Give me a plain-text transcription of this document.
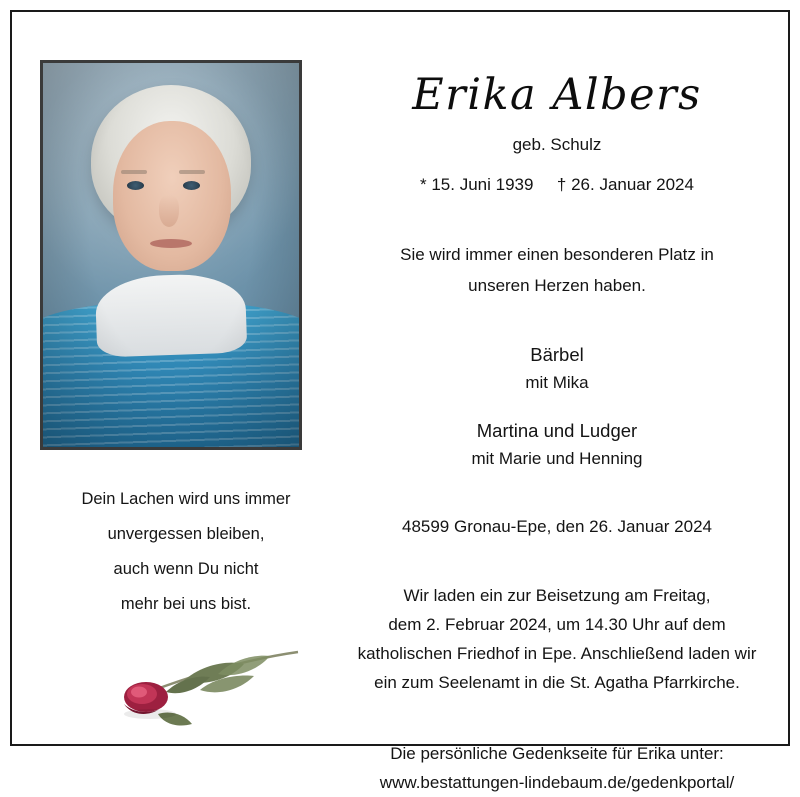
Dein Lachen wird uns immer
unvergessen bleiben,
auch wenn Du nicht
mehr bei uns bist.
Erika Albers
geb. Schulz
* 15. Juni 1939 † 26. Januar 2024
Sie wird immer einen besonderen Platz in
unseren Herzen haben.
Bärbel
mit Mika
Martina und Ludger
mit Marie und Henning
48599 Gronau-Epe, den 26. Januar 2024
Wir laden ein zur Beisetzung am Freitag,
dem 2. Februar 2024, um 14.30 Uhr auf dem
katholischen Friedhof in Epe. Anschließend laden wir
ein zum Seelenamt in die St. Agatha Pfarrkirche.
Die persönliche Gedenkseite für Erika unter:
www.bestattungen-lindebaum.de/gedenkportal/
